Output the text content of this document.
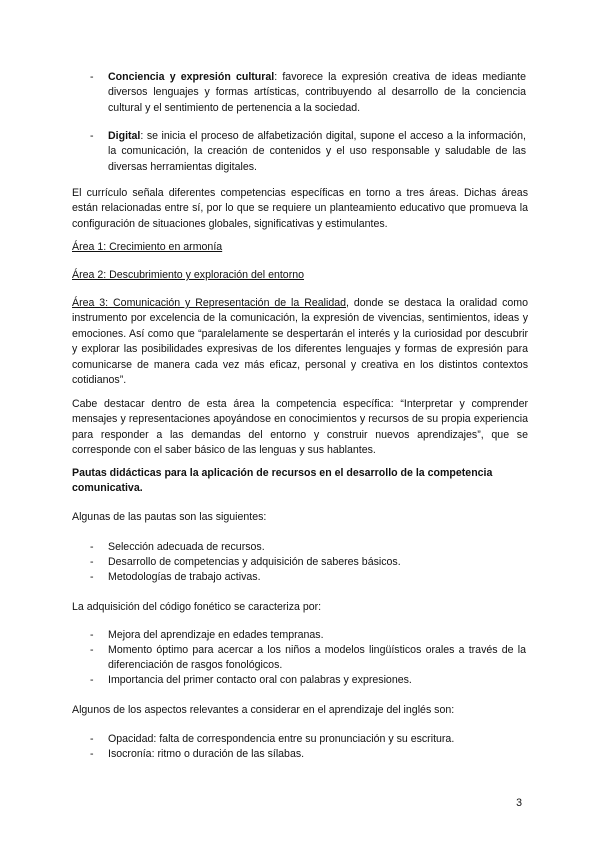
-	Conciencia y expresión cultural: favorece la expresión creativa de ideas mediante diversos lenguajes y formas artísticas, contribuyendo al desarrollo de la conciencia cultural y el sentimiento de pertenencia a la sociedad.
-	Digital: se inicia el proceso de alfabetización digital, supone el acceso a la información, la comunicación, la creación de contenidos y el uso responsable y saludable de las diversas herramientas digitales.

El currículo señala diferentes competencias específicas en torno a tres áreas. Dichas áreas están relacionadas entre sí, por lo que se requiere un planteamiento educativo que promueva la configuración de situaciones globales, significativas y estimulantes.

Área 1: Crecimiento en armonía

Área 2: Descubrimiento y exploración del entorno

Área 3: Comunicación y Representación de la Realidad, donde se destaca la oralidad como instrumento por excelencia de la comunicación, la expresión de vivencias, sentimientos, ideas y emociones. Así como que “paralelamente se despertarán el interés y la curiosidad por descubrir y explorar las posibilidades expresivas de los diferentes lenguajes y formas de expresión para comunicarse de manera cada vez más eficaz, personal y creativa en los distintos contextos cotidianos”.

Cabe destacar dentro de esta área la competencia específica: “Interpretar y comprender mensajes y representaciones apoyándose en conocimientos y recursos de su propia experiencia para responder a las demandas del entorno y construir nuevos aprendizajes”, que se corresponde con el saber básico de las lenguas y sus hablantes.

Pautas didácticas para la aplicación de recursos en el desarrollo de la competencia comunicativa.

Algunas de las pautas son las siguientes:

-	Selección adecuada de recursos.
-	Desarrollo de competencias y adquisición de saberes básicos.
-	Metodologías de trabajo activas.

La adquisición del código fonético se caracteriza por:

-	Mejora del aprendizaje en edades tempranas.
-	Momento óptimo para acercar a los niños a modelos lingüísticos orales a través de la diferenciación de rasgos fonológicos.
-	Importancia del primer contacto oral con palabras y expresiones.

Algunos de los aspectos relevantes a considerar en el aprendizaje del inglés son:

-	Opacidad: falta de correspondencia entre su pronunciación y su escritura.
-	Isocronía: ritmo o duración de las sílabas.
3
